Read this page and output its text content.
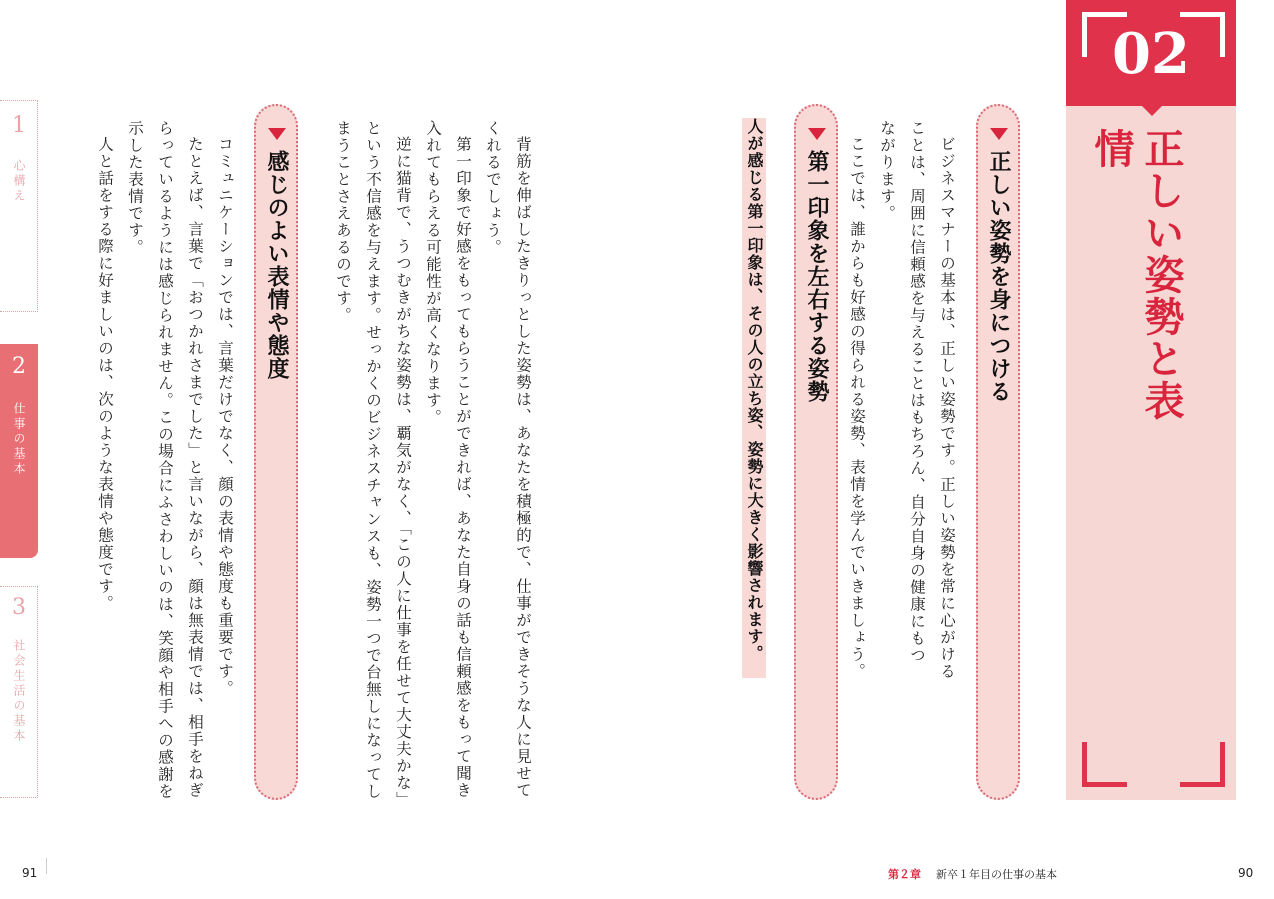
02
正しい姿勢と表情
正しい姿勢を身につける

ビジネスマナーの基本は、正しい姿勢です。正しい姿勢を常に心がけることは、周囲に信頼感を与えることはもちろん、自分自身の健康にもつながります。

ここでは、誰からも好感の得られる姿勢、表情を学んでいきましょう。

第一印象を左右する姿勢
人が感じる第一印象は、その人の立ち姿、姿勢に大きく影響されます。

背筋を伸ばしたきりっとした姿勢は、あなたを積極的で、仕事ができそうな人に見せてくれるでしょう。

第一印象で好感をもってもらうことができれば、あなた自身の話も信頼感をもって聞き入れてもらえる可能性が高くなります。

逆に猫背で、うつむきがちな姿勢は、覇気がなく、「この人に仕事を任せて大丈夫かな」という不信感を与えます。せっかくのビジネスチャンスも、姿勢一つで台無しになってしまうことさえあるのです。

感じのよい表情や態度

コミュニケーションでは、言葉だけでなく、顔の表情や態度も重要です。

たとえば、言葉で「おつかれさまでした」と言いながら、顔は無表情では、相手をねぎらっているようには感じられません。この場合にふさわしいのは、笑顔や相手への感謝を示した表情です。

人と話をする際に好ましいのは、次のような表情や態度です。

1
心構え
2
仕事の基本
3
社会生活の基本
91	第２章 新卒１年目の仕事の基本	90
